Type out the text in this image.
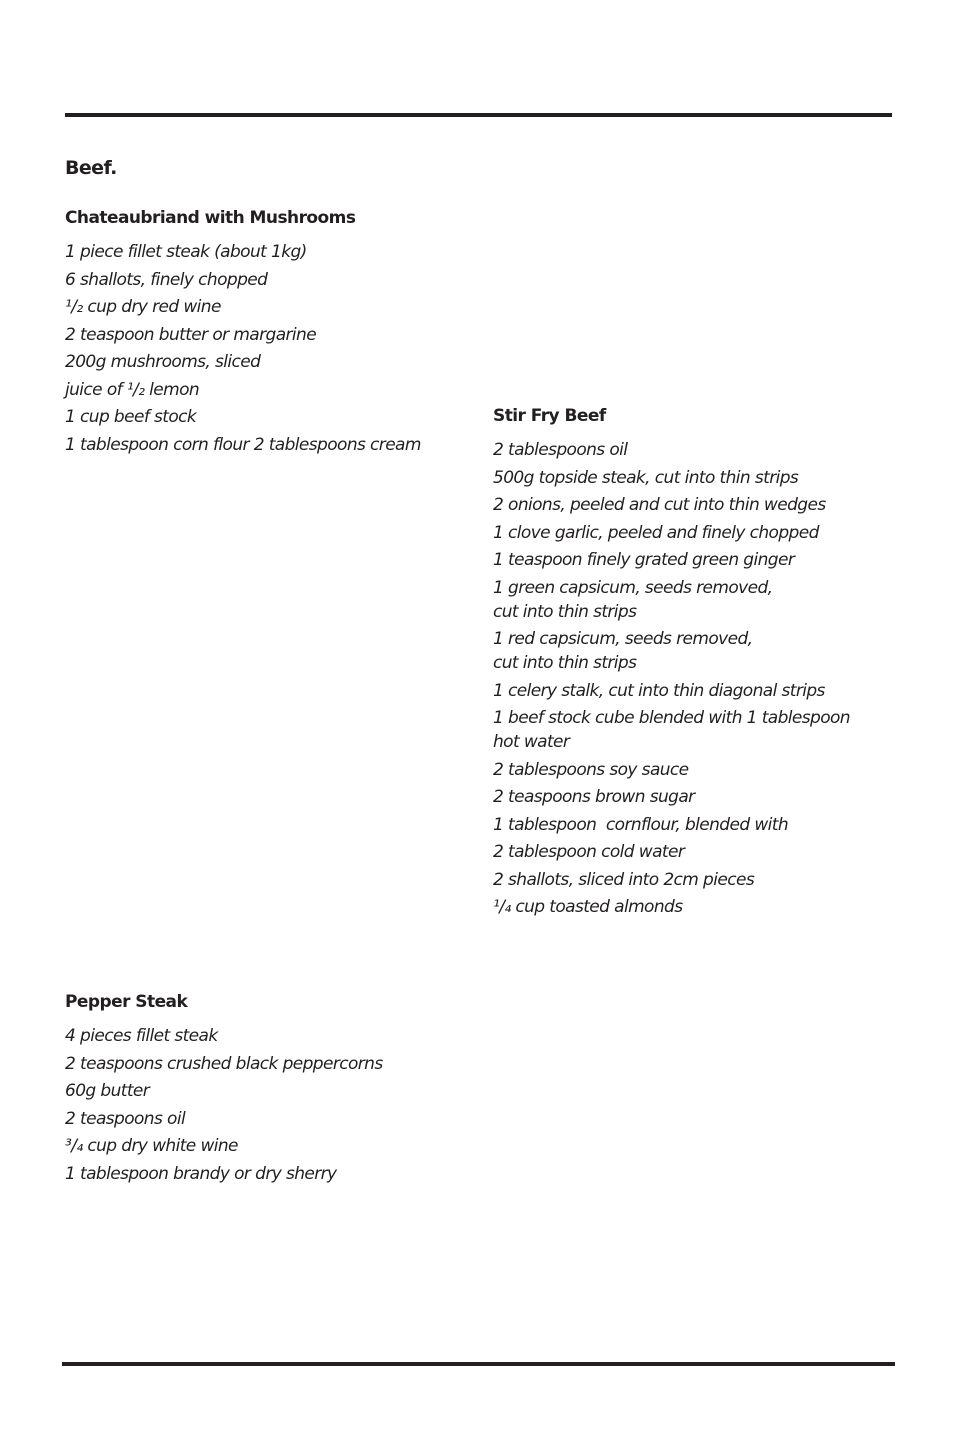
Beef.
Chateaubriand with Mushrooms
1 piece fillet steak (about 1kg)
6 shallots, finely chopped
¹/₂ cup dry red wine
2 teaspoon butter or margarine
200g mushrooms, sliced
juice of ¹/₂ lemon
1 cup beef stock
1 tablespoon corn flour 2 tablespoons cream
Stir Fry Beef
2 tablespoons oil
500g topside steak, cut into thin strips
2 onions, peeled and cut into thin wedges
1 clove garlic, peeled and finely chopped
1 teaspoon finely grated green ginger
1 green capsicum, seeds removed,
cut into thin strips
1 red capsicum, seeds removed,
cut into thin strips
1 celery stalk, cut into thin diagonal strips
1 beef stock cube blended with 1 tablespoon
hot water
2 tablespoons soy sauce
2 teaspoons brown sugar
1 tablespoon  cornflour, blended with
2 tablespoon cold water
2 shallots, sliced into 2cm pieces
¹/₄ cup toasted almonds
Pepper Steak
4 pieces fillet steak
2 teaspoons crushed black peppercorns
60g butter
2 teaspoons oil
³/₄ cup dry white wine
1 tablespoon brandy or dry sherry
